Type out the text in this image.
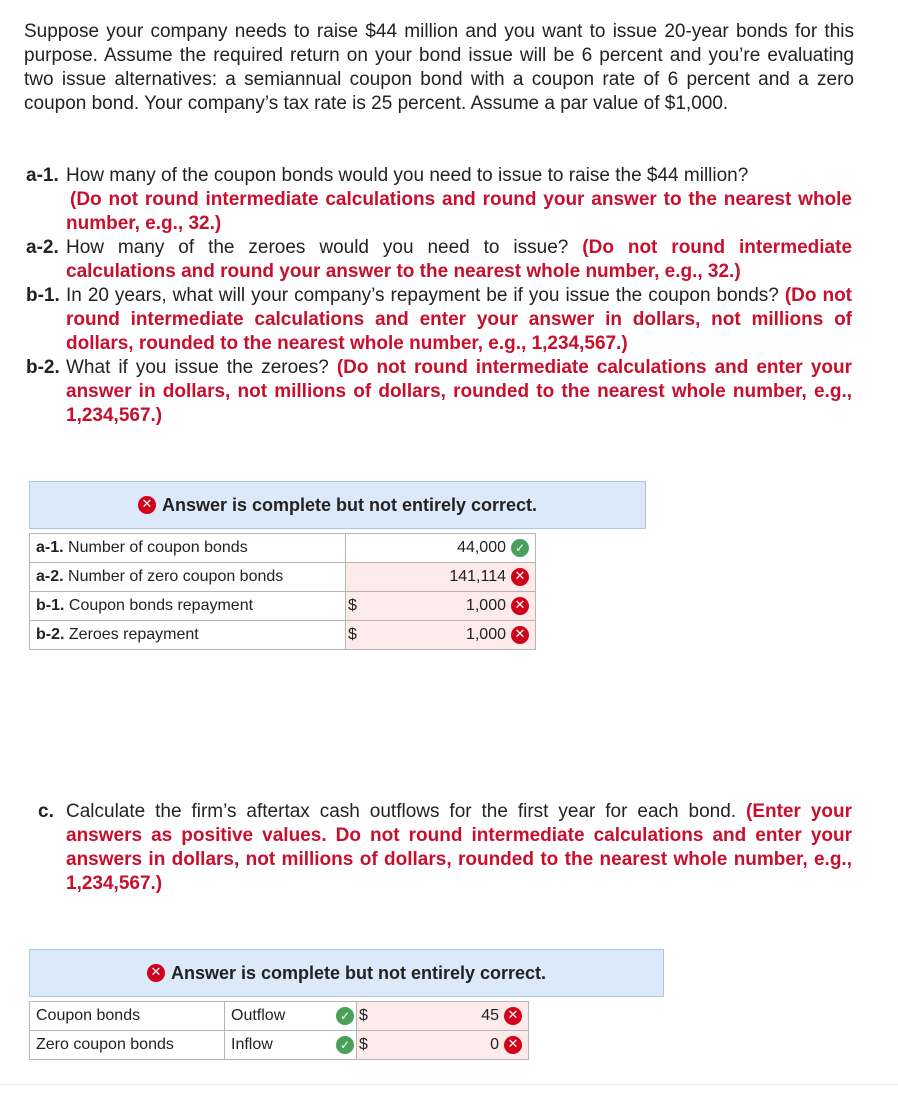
Suppose your company needs to raise $44 million and you want to issue 20-year bonds for this purpose. Assume the required return on your bond issue will be 6 percent and you’re evaluating two issue alternatives: a semiannual coupon bond with a coupon rate of 6 percent and a zero coupon bond. Your company’s tax rate is 25 percent. Assume a par value of $1,000.
a-1. How many of the coupon bonds would you need to issue to raise the $44 million?
(Do not round intermediate calculations and round your answer to the nearest whole number, e.g., 32.)
a-2. How many of the zeroes would you need to issue? (Do not round intermediate calculations and round your answer to the nearest whole number, e.g., 32.)
b-1. In 20 years, what will your company’s repayment be if you issue the coupon bonds? (Do not round intermediate calculations and enter your answer in dollars, not millions of dollars, rounded to the nearest whole number, e.g., 1,234,567.)
b-2. What if you issue the zeroes? (Do not round intermediate calculations and enter your answer in dollars, not millions of dollars, rounded to the nearest whole number, e.g., 1,234,567.)
✕ Answer is complete but not entirely correct.
a-1. Number of coupon bonds	44,000 ✓
a-2. Number of zero coupon bonds	141,114 ✕
b-1. Coupon bonds repayment	$ 1,000 ✕
b-2. Zeroes repayment	$ 1,000 ✕
c. Calculate the firm’s aftertax cash outflows for the first year for each bond. (Enter your answers as positive values. Do not round intermediate calculations and enter your answers in dollars, not millions of dollars, rounded to the nearest whole number, e.g., 1,234,567.)
✕ Answer is complete but not entirely correct.
Coupon bonds	Outflow ✓	$ 45 ✕
Zero coupon bonds	Inflow ✓	$ 0 ✕
